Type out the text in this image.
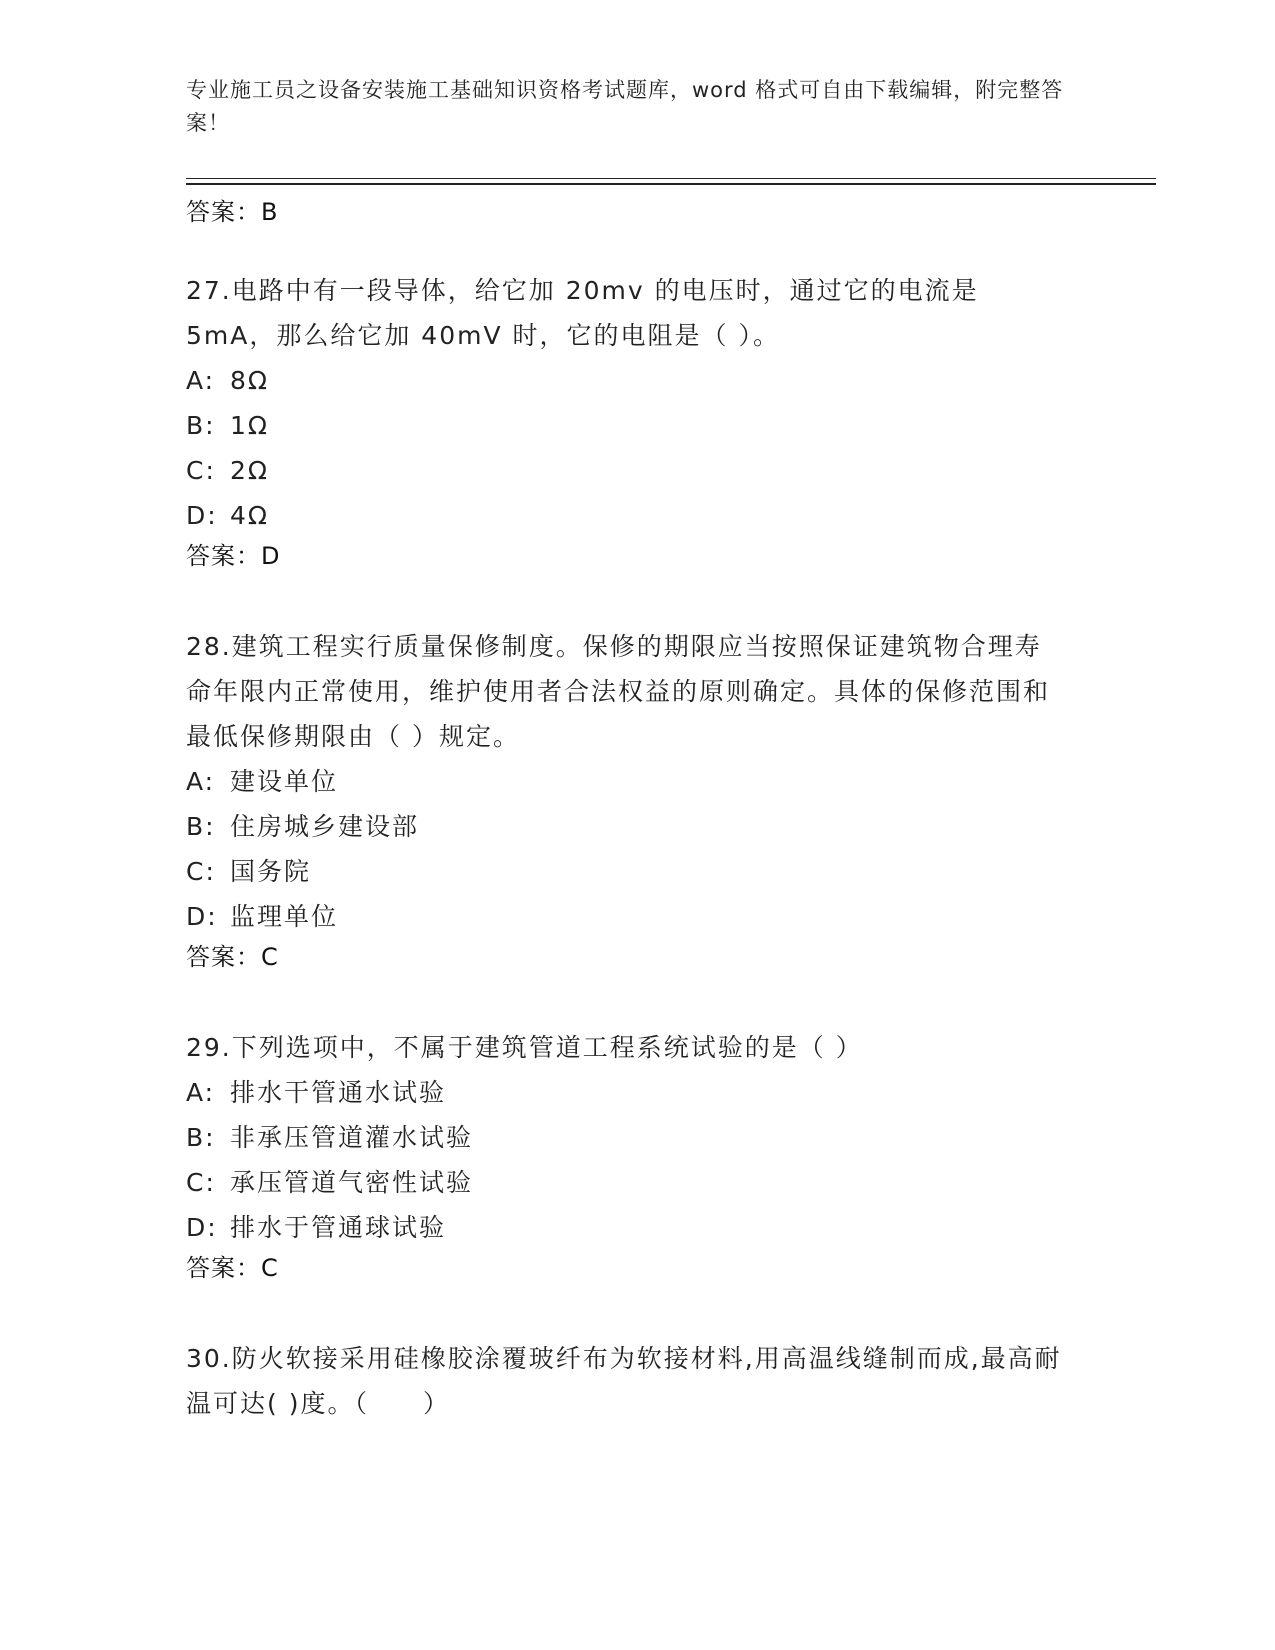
专业施工员之设备安装施工基础知识资格考试题库，word 格式可自由下载编辑，附完整答案！
答案：B

27.电路中有一段导体，给它加 20mv 的电压时，通过它的电流是 5mA，那么给它加 40mV 时，它的电阻是（ ）。

A: 8Ω
B: 1Ω
C: 2Ω
D: 4Ω
答案：D

28.建筑工程实行质量保修制度。保修的期限应当按照保证建筑物合理寿命年限内正常使用，维护使用者合法权益的原则确定。具体的保修范围和最低保修期限由（ ）规定。

A: 建设单位
B: 住房城乡建设部
C: 国务院
D: 监理单位
答案：C

29.下列选项中，不属于建筑管道工程系统试验的是（ ）

A: 排水干管通水试验
B: 非承压管道灌水试验
C: 承压管道气密性试验
D: 排水于管通球试验
答案：C

30.防火软接采用硅橡胶涂覆玻纤布为软接材料,用高温线缝制而成,最高耐温可达( )度。（　　）
